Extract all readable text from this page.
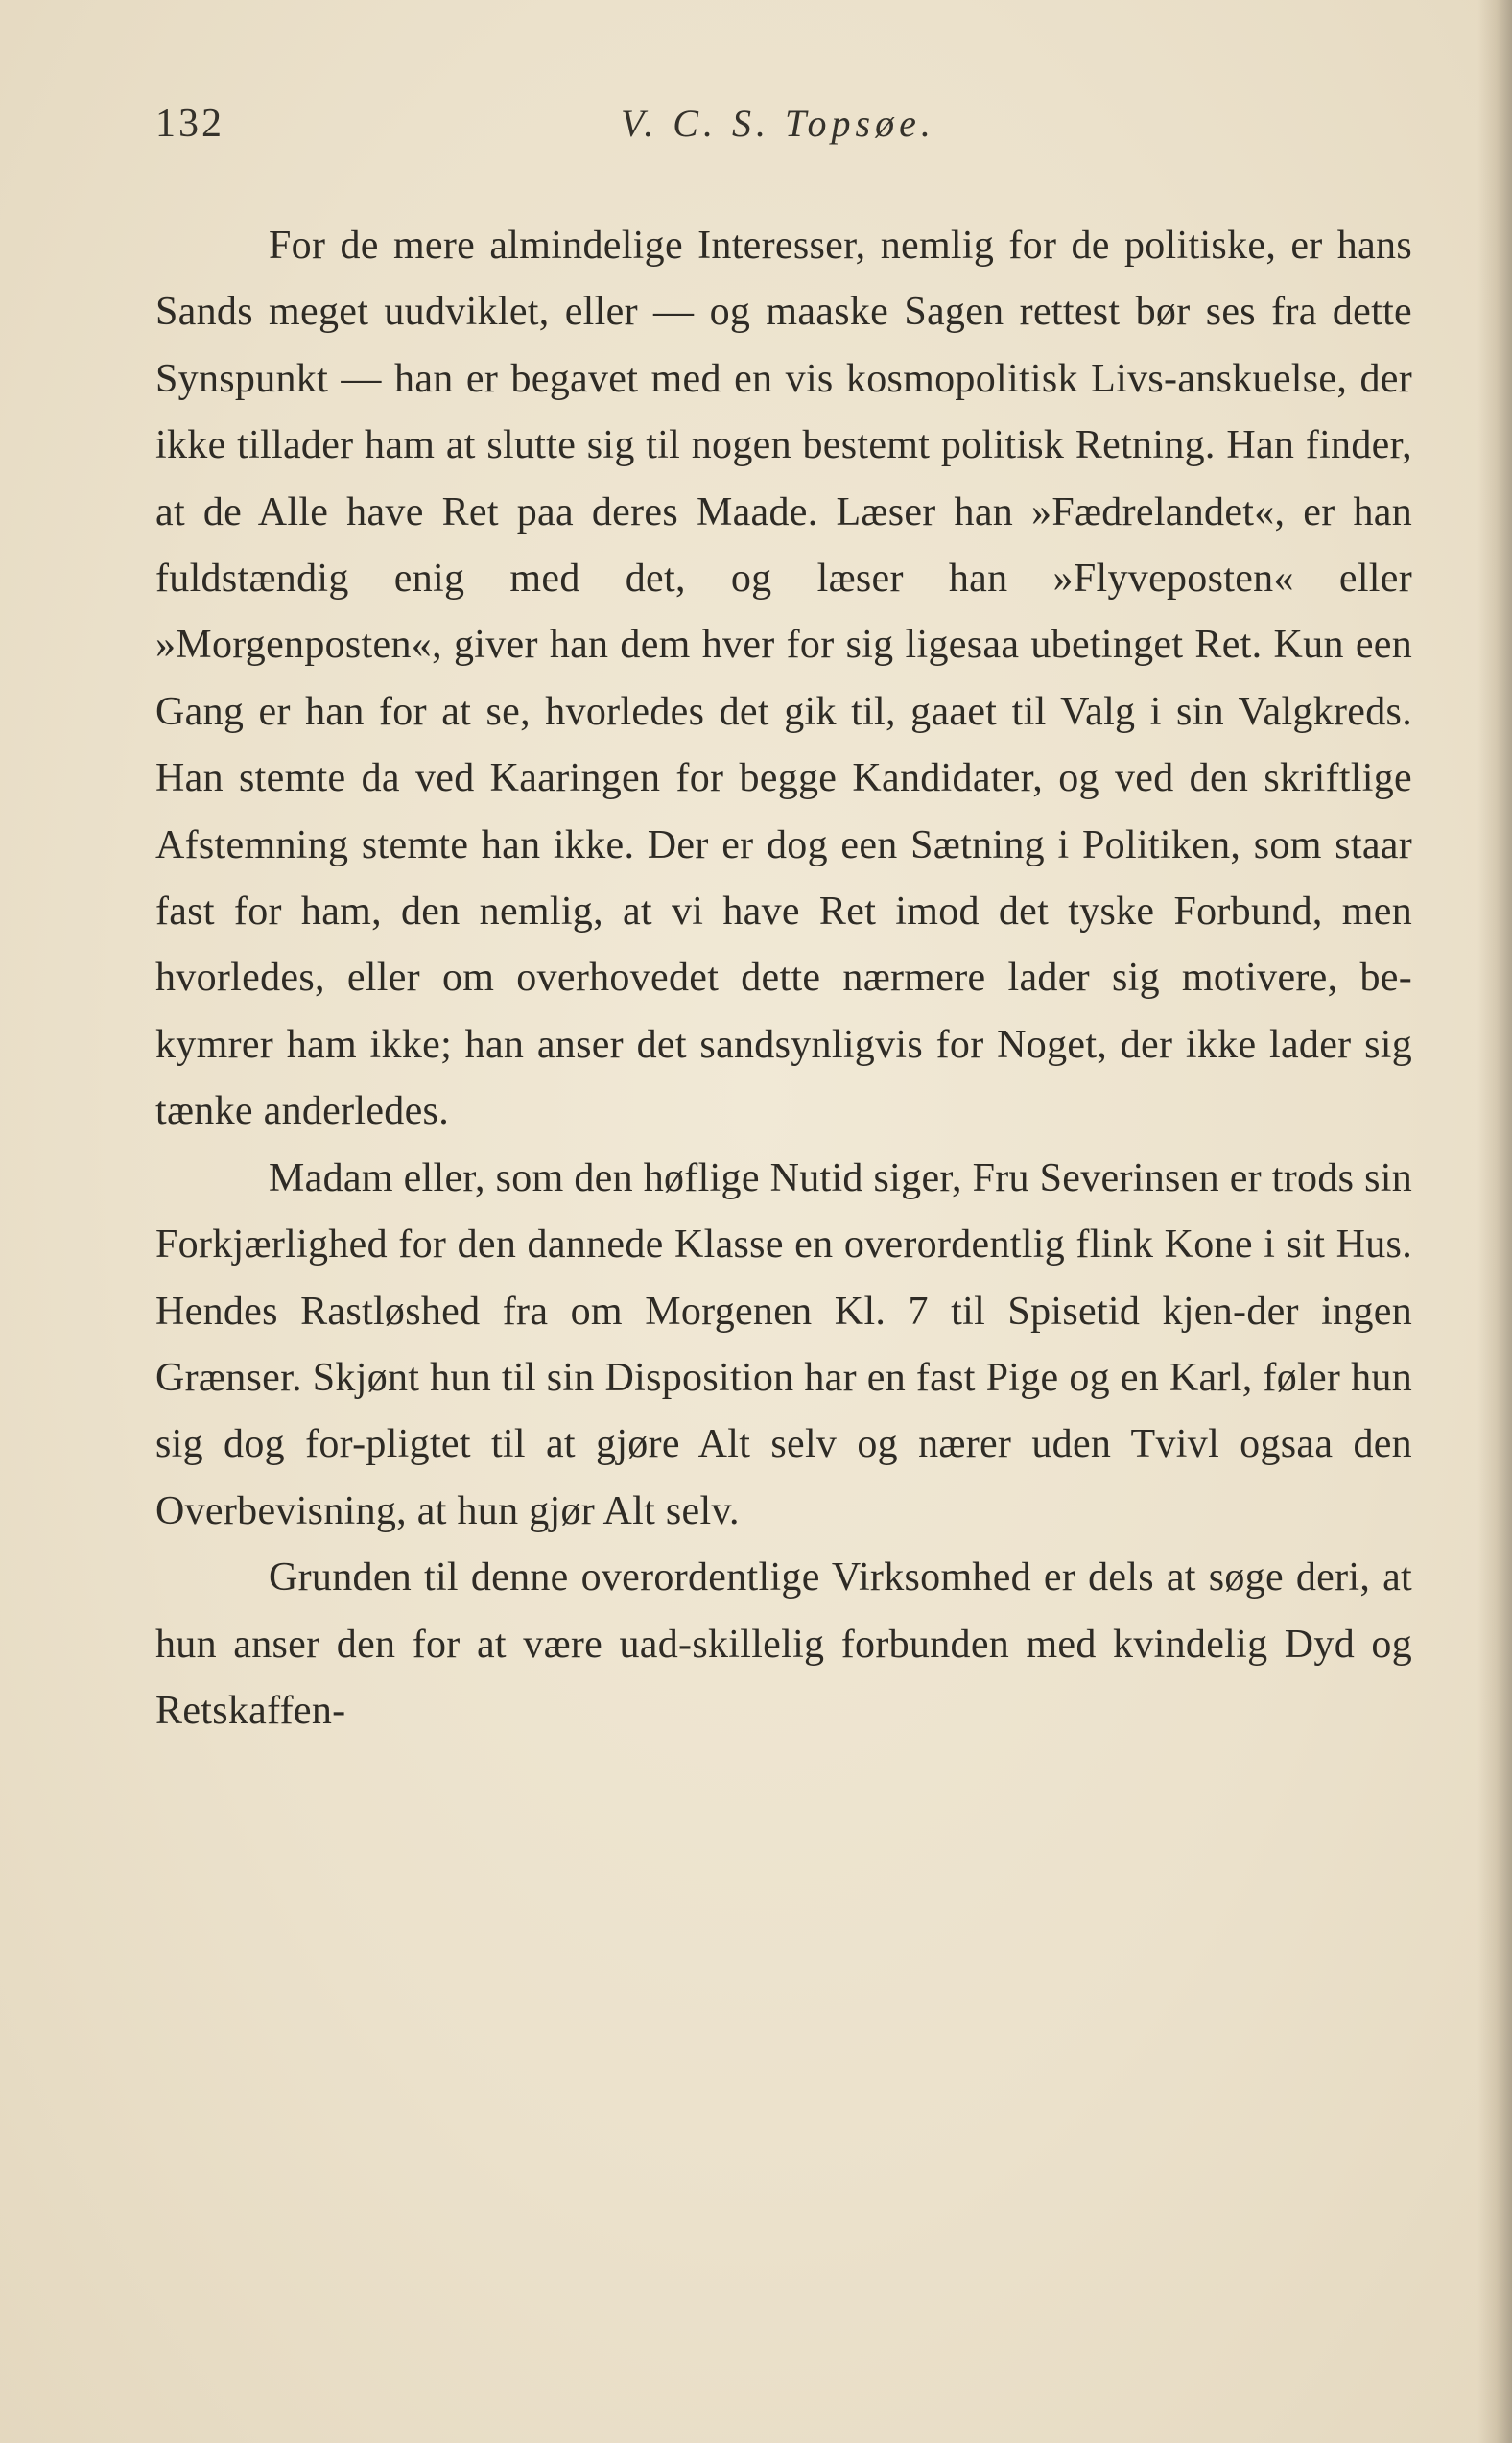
132	V. C. S. Topsøe.

For de mere almindelige Interesser, nemlig for de politiske, er hans Sands meget uudviklet, eller — og maaske Sagen rettest bør ses fra dette Synspunkt — han er begavet med en vis kosmopolitisk Livs-anskuelse, der ikke tillader ham at slutte sig til nogen bestemt politisk Retning. Han finder, at de Alle have Ret paa deres Maade. Læser han »Fædrelandet«, er han fuldstændig enig med det, og læser han »Flyveposten« eller »Morgenposten«, giver han dem hver for sig ligesaa ubetinget Ret. Kun een Gang er han for at se, hvorledes det gik til, gaaet til Valg i sin Valgkreds. Han stemte da ved Kaaringen for begge Kandidater, og ved den skriftlige Afstemning stemte han ikke. Der er dog een Sætning i Politiken, som staar fast for ham, den nemlig, at vi have Ret imod det tyske Forbund, men hvorledes, eller om overhovedet dette nærmere lader sig motivere, be-kymrer ham ikke; han anser det sandsynligvis for Noget, der ikke lader sig tænke anderledes.

Madam eller, som den høflige Nutid siger, Fru Severinsen er trods sin Forkjærlighed for den dannede Klasse en overordentlig flink Kone i sit Hus. Hendes Rastløshed fra om Morgenen Kl. 7 til Spisetid kjen-der ingen Grænser. Skjønt hun til sin Disposition har en fast Pige og en Karl, føler hun sig dog for-pligtet til at gjøre Alt selv og nærer uden Tvivl ogsaa den Overbevisning, at hun gjør Alt selv.

Grunden til denne overordentlige Virksomhed er dels at søge deri, at hun anser den for at være uad-skillelig forbunden med kvindelig Dyd og Retskaffen-
